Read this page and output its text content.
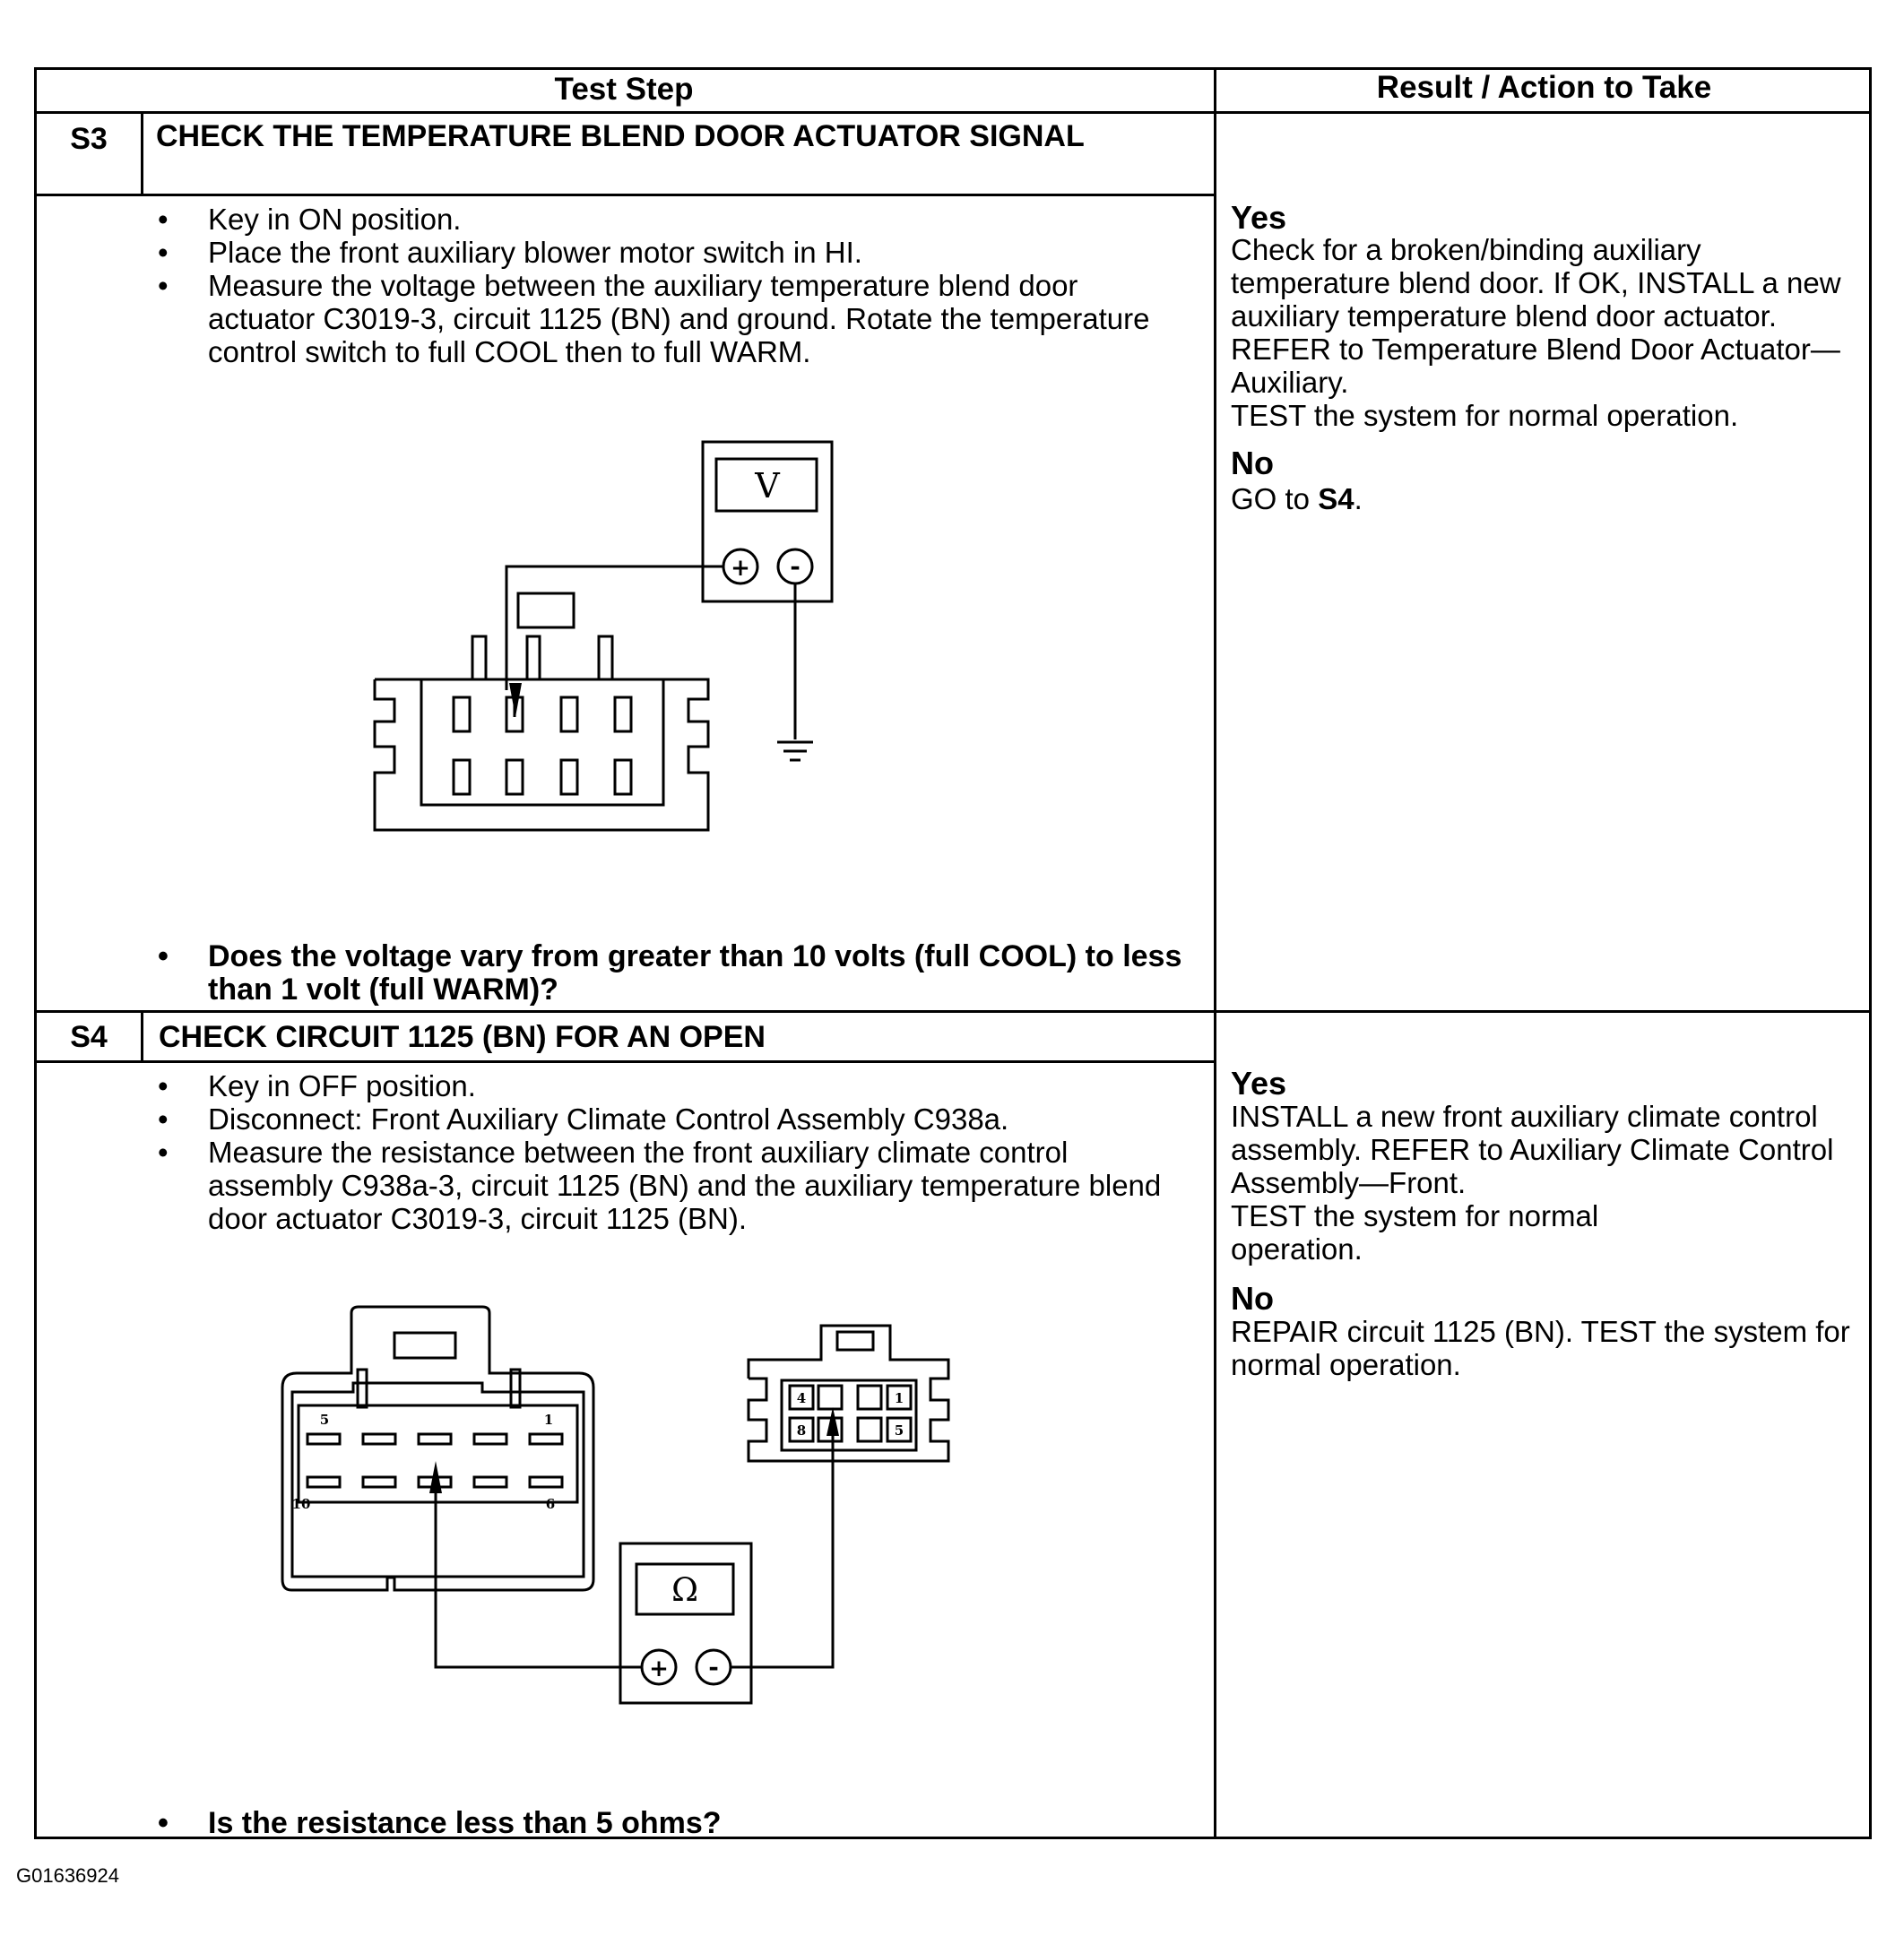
Test Step	Result / Action to Take
S3	CHECK THE TEMPERATURE BLEND DOOR ACTUATOR SIGNAL
• Key in ON position.
• Place the front auxiliary blower motor switch in HI.
• Measure the voltage between the auxiliary temperature blend door actuator C3019-3, circuit 1125 (BN) and ground. Rotate the temperature control switch to full COOL then to full WARM.
V
+ -
• Does the voltage vary from greater than 10 volts (full COOL) to less than 1 volt (full WARM)?
Yes
Check for a broken/binding auxiliary temperature blend door. If OK, INSTALL a new auxiliary temperature blend door actuator. REFER to Temperature Blend Door Actuator—Auxiliary.
TEST the system for normal operation.
No
GO to S4.
S4	CHECK CIRCUIT 1125 (BN) FOR AN OPEN
• Key in OFF position.
• Disconnect: Front Auxiliary Climate Control Assembly C938a.
• Measure the resistance between the front auxiliary climate control assembly C938a-3, circuit 1125 (BN) and the auxiliary temperature blend door actuator C3019-3, circuit 1125 (BN).
5	1
10	6
4	1
8	5
Ω
+ -
• Is the resistance less than 5 ohms?
Yes
INSTALL a new front auxiliary climate control assembly. REFER to Auxiliary Climate Control Assembly—Front.
TEST the system for normal operation.
No
REPAIR circuit 1125 (BN). TEST the system for normal operation.
G01636924
